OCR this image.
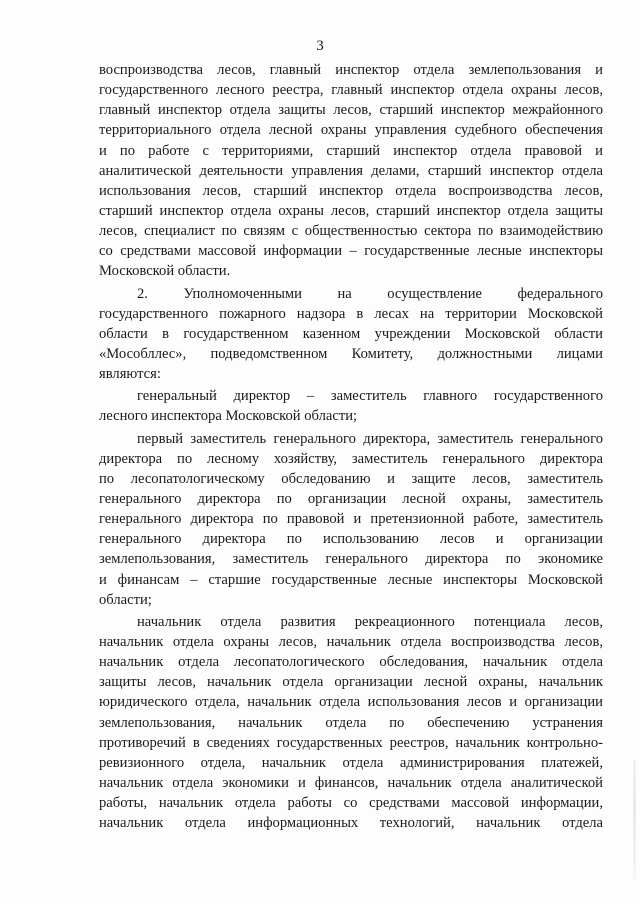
3
воспроизводства лесов, главный инспектор отдела землепользования и
государственного лесного реестра, главный инспектор отдела охраны лесов,
главный инспектор отдела защиты лесов, старший инспектор межрайонного
территориального отдела лесной охраны управления судебного обеспечения
и по работе с территориями, старший инспектор отдела правовой и
аналитической деятельности управления делами, старший инспектор отдела
использования лесов, старший инспектор отдела воспроизводства лесов,
старший инспектор отдела охраны лесов, старший инспектор отдела защиты
лесов, специалист по связям с общественностью сектора по взаимодействию
со средствами массовой информации – государственные лесные инспекторы
Московской области.
2. Уполномоченными на осуществление федерального
государственного пожарного надзора в лесах на территории Московской
области в государственном казенном учреждении Московской области
«Мособллес», подведомственном Комитету, должностными лицами
являются:
генеральный директор – заместитель главного государственного
лесного инспектора Московской области;
первый заместитель генерального директора, заместитель генерального
директора по лесному хозяйству, заместитель генерального директора
по лесопатологическому обследованию и защите лесов, заместитель
генерального директора по организации лесной охраны, заместитель
генерального директора по правовой и претензионной работе, заместитель
генерального директора по использованию лесов и организации
землепользования, заместитель генерального директора по экономике
и финансам – старшие государственные лесные инспекторы Московской
области;
начальник отдела развития рекреационного потенциала лесов,
начальник отдела охраны лесов, начальник отдела воспроизводства лесов,
начальник отдела лесопатологического обследования, начальник отдела
защиты лесов, начальник отдела организации лесной охраны, начальник
юридического отдела, начальник отдела использования лесов и организации
землепользования, начальник отдела по обеспечению устранения
противоречий в сведениях государственных реестров, начальник контрольно-
ревизионного отдела, начальник отдела администрирования платежей,
начальник отдела экономики и финансов, начальник отдела аналитической
работы, начальник отдела работы со средствами массовой информации,
начальник отдела информационных технологий, начальник отдела
